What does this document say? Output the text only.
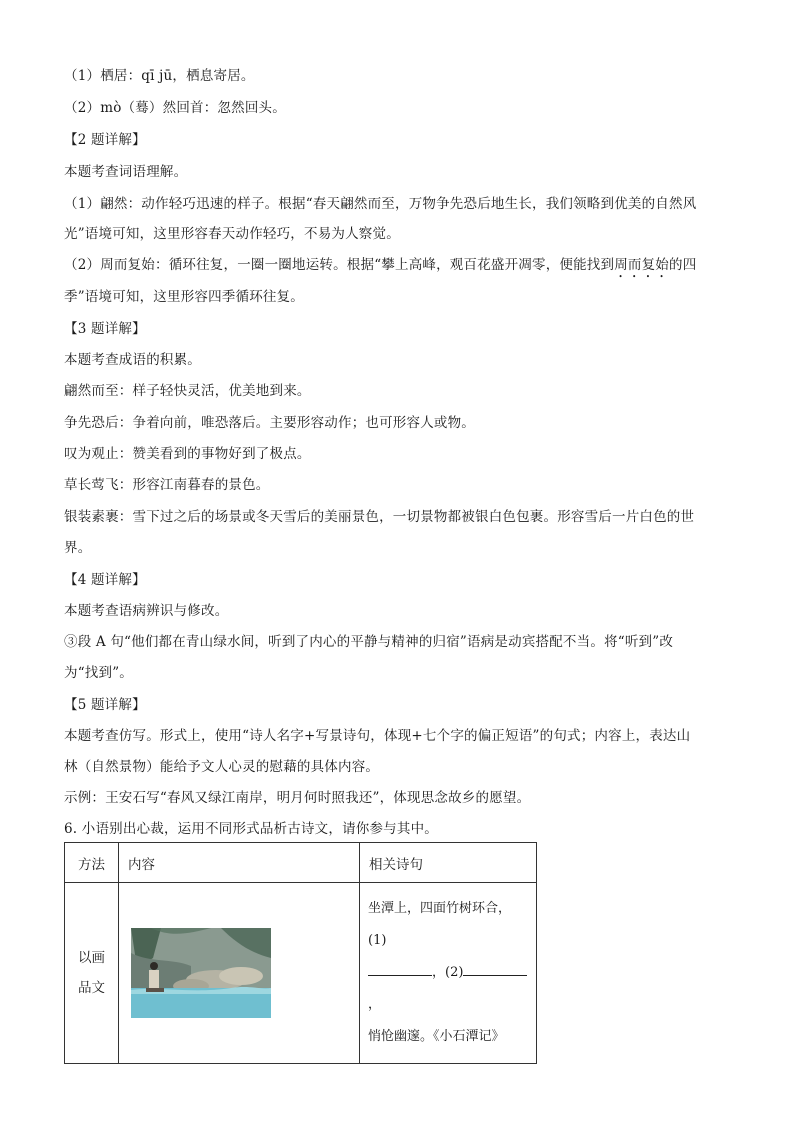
（1）栖居：qī jū，栖息寄居。
（2）mò（蓦）然回首：忽然回头。
【2 题详解】
本题考查词语理解。
（1）翩然：动作轻巧迅速的样子。根据“春天翩然而至，万物争先恐后地生长，我们领略到优美的自然风
光”语境可知，这里形容春天动作轻巧，不易为人察觉。
（2）周而复始：循环往复，一圈一圈地运转。根据“攀上高峰，观百花盛开凋零，便能找到周而复始的四
季”语境可知，这里形容四季循环往复。
【3 题详解】
本题考查成语的积累。
翩然而至：样子轻快灵活，优美地到来。
争先恐后：争着向前，唯恐落后。主要形容动作；也可形容人或物。
叹为观止：赞美看到的事物好到了极点。
草长莺飞：形容江南暮春的景色。
银装素裹：雪下过之后的场景或冬天雪后的美丽景色，一切景物都被银白色包裹。形容雪后一片白色的世
界。
【4 题详解】
本题考查语病辨识与修改。
③段 A 句“他们都在青山绿水间，听到了内心的平静与精神的归宿”语病是动宾搭配不当。将“听到”改
为“找到”。
【5 题详解】
本题考查仿写。形式上，使用“诗人名字+写景诗句，体现+七个字的偏正短语”的句式；内容上，表达山
林（自然景物）能给予文人心灵的慰藉的具体内容。
示例：王安石写“春风又绿江南岸，明月何时照我还”，体现思念故乡的愿望。
6. 小语别出心裁，运用不同形式品析古诗文，请你参与其中。
方法	内容	相关诗句

以画
品文		坐潭上，四面竹树环合，(1)
，(2)，
悄怆幽邃。《小石潭记》
